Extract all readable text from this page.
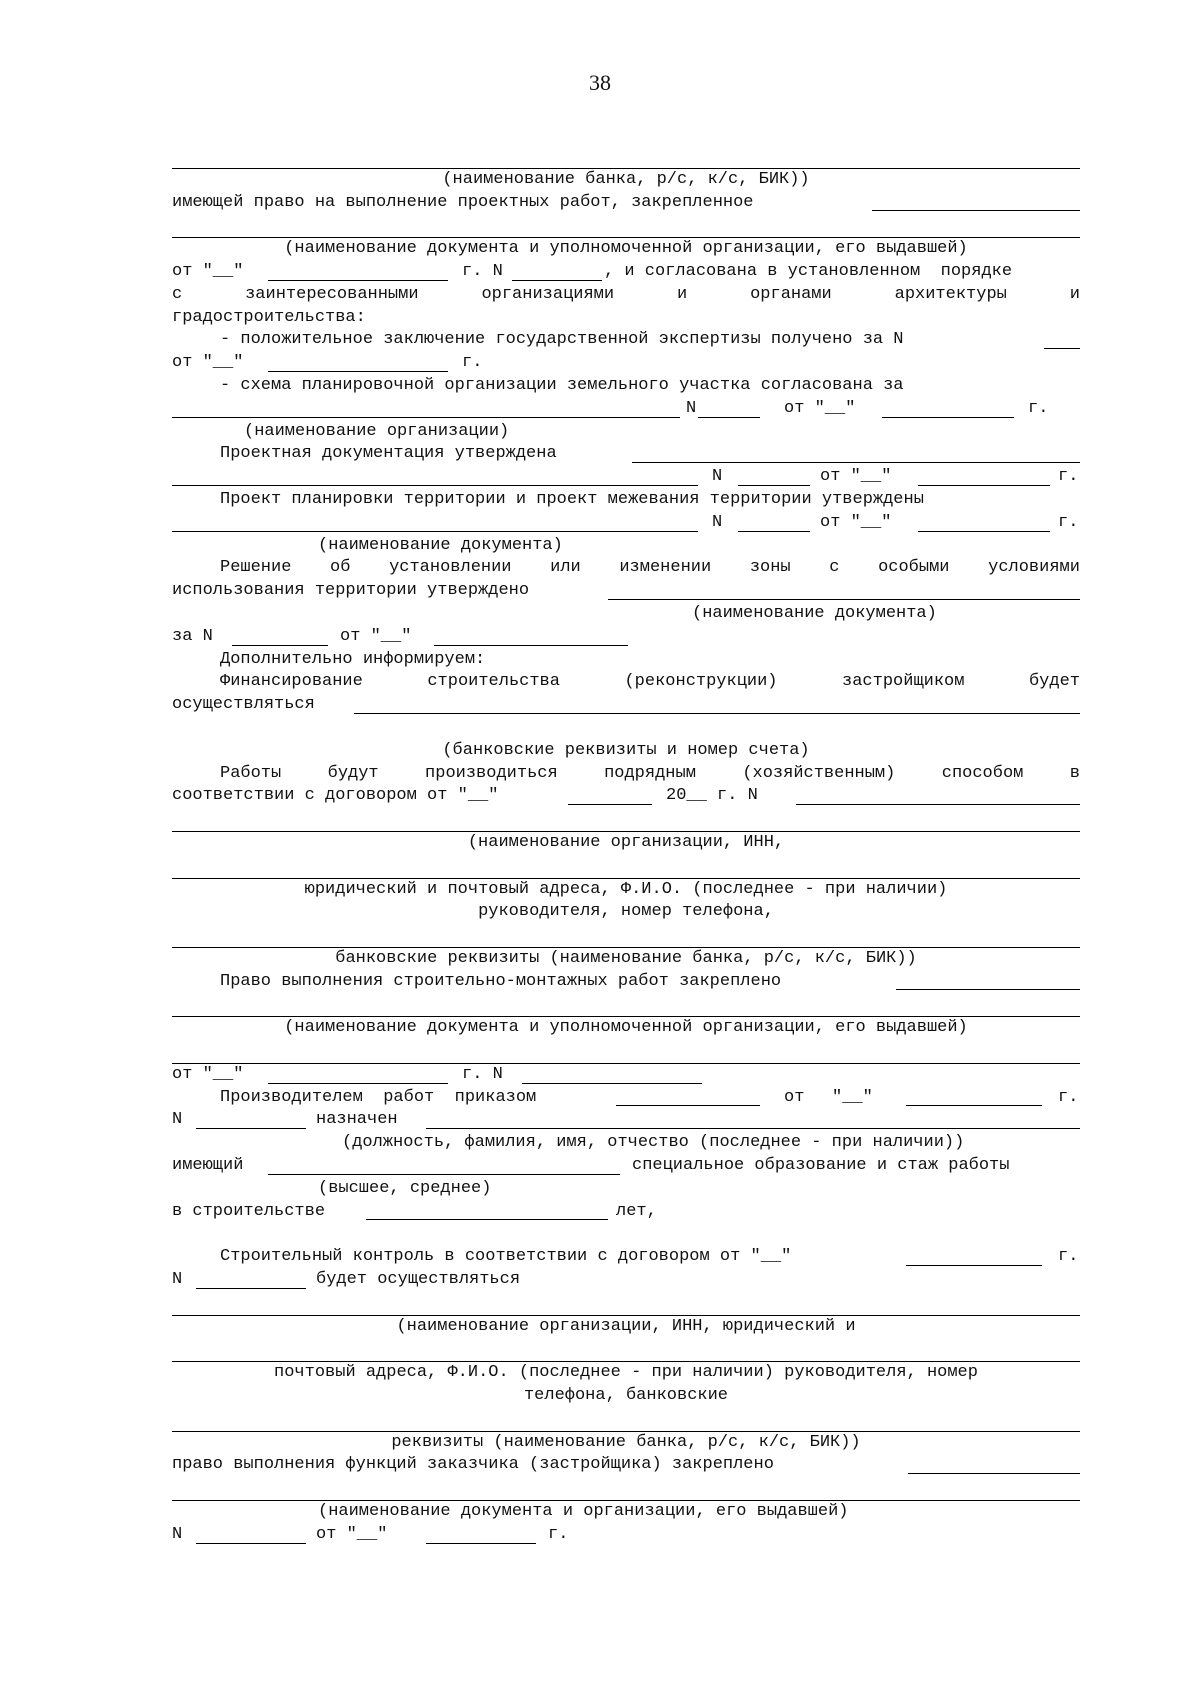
38
(наименование банка, р/с, к/с, БИК))

имеющей право на выполнение проектных работ, закрепленное

(наименование документа и уполномоченной организации, его выдавшей)

от "__"

	г. N

	, и согласована в установленном  порядке

с	заинтересованными	организациями	и	органами	архитектуры	и
градостроительства:

- положительное заключение государственной экспертизы получено за N

от "__"

	г.

- схема планировочной организации земельного участка согласована за

N

	от "__"

	г.

(наименование организации)

Проектная документация утверждена

N

	от "__"

	г.

Проект планировки территории и проект межевания территории утверждены

N

	от "__"

	г.

(наименование документа)

Решение об установлении или изменении зоны с особыми условиями

использования территории утверждено

(наименование документа)

за N

	от "__"

Дополнительно информируем:
Финансирование	строительства	(реконструкции)	застройщиком	будет

осуществляться

(банковские реквизиты и номер счета)
Работы	будут	производиться	подрядным	(хозяйственным)	способом	в

соответствии с договором от "__"

	20__ г. N

(наименование организации, ИНН,
юридический и почтовый адреса, Ф.И.О. (последнее - при наличии)
руководителя, номер телефона,
банковские реквизиты (наименование банка, р/с, к/с, БИК))

Право выполнения строительно-монтажных работ закреплено

(наименование документа и уполномоченной организации, его выдавшей)

от "__"

	г. N

Производителем  работ  приказом

	от

"__"

	г.

N

	назначен

(должность, фамилия, имя, отчество (последнее - при наличии))

имеющий

	специальное образование и стаж работы

(высшее, среднее)

в строительстве

	лет,

Строительный контроль в соответствии с договором от "__"

	г.

N

	будет осуществляться

(наименование организации, ИНН, юридический и
почтовый адреса, Ф.И.О. (последнее - при наличии) руководителя, номер
телефона, банковские
реквизиты (наименование банка, р/с, к/с, БИК))

право выполнения функций заказчика (застройщика) закреплено

(наименование документа и организации, его выдавшей)

N

	от "__"

	г.
